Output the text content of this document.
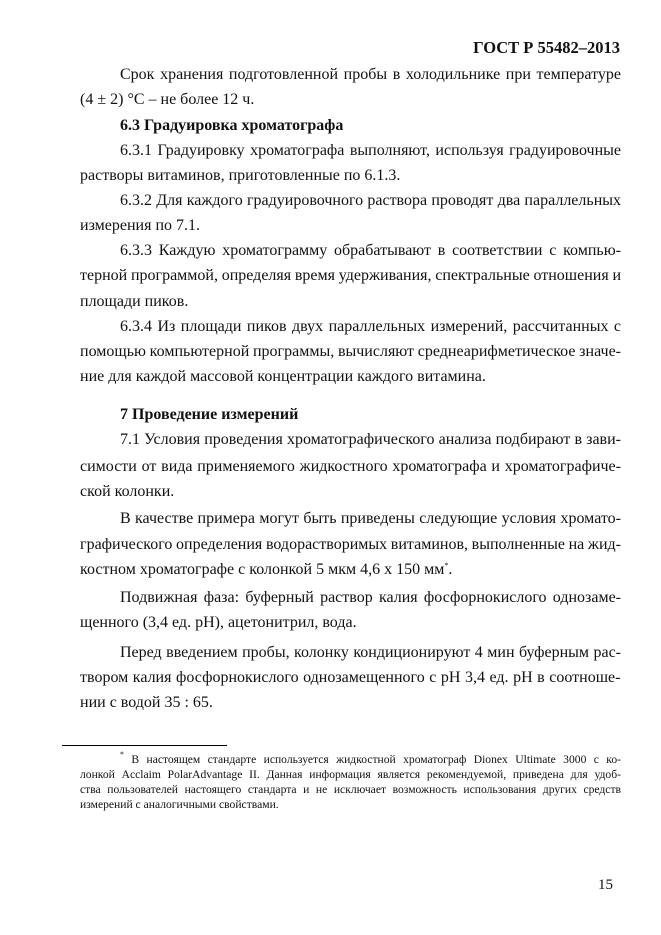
ГОСТ Р 55482–2013
Срок хранения подготовленной пробы в холодильнике при температуре
(4 ± 2) °С – не более 12 ч.
6.3 Градуировка хроматографа
6.3.1 Градуировку хроматографа выполняют, используя градуировочные
растворы витаминов, приготовленные по 6.1.3.
6.3.2 Для каждого градуировочного раствора проводят два параллельных
измерения по 7.1.
6.3.3 Каждую хроматограмму обрабатывают в соответствии с компью-
терной программой, определяя время удерживания, спектральные отношения и
площади пиков.
6.3.4 Из площади пиков двух параллельных измерений, рассчитанных с
помощью компьютерной программы, вычисляют среднеарифметическое значе-
ние для каждой массовой концентрации каждого витамина.
7 Проведение измерений
7.1 Условия проведения хроматографического анализа подбирают в зави-
симости от вида применяемого жидкостного хроматографа и хроматографиче-
ской колонки.
В качестве примера могут быть приведены следующие условия хромато-
графического определения водорастворимых витаминов, выполненные на жид-
костном хроматографе с колонкой 5 мкм 4,6 х 150 мм*.
Подвижная фаза: буферный раствор калия фосфорнокислого однозаме-
щенного (3,4 ед. pH), ацетонитрил, вода.
Перед введением пробы, колонку кондиционируют 4 мин буферным рас-
твором калия фосфорнокислого однозамещенного с pH 3,4 ед. pH в соотноше-
нии с водой 35 : 65.
* В настоящем стандарте используется жидкостной хроматограф Dionex Ultimate 3000 с ко-
лонкой Acclaim PolarAdvantage II. Данная информация является рекомендуемой, приведена для удоб-
ства пользователей настоящего стандарта и не исключает возможность использования других средств
измерений с аналогичными свойствами.
15
